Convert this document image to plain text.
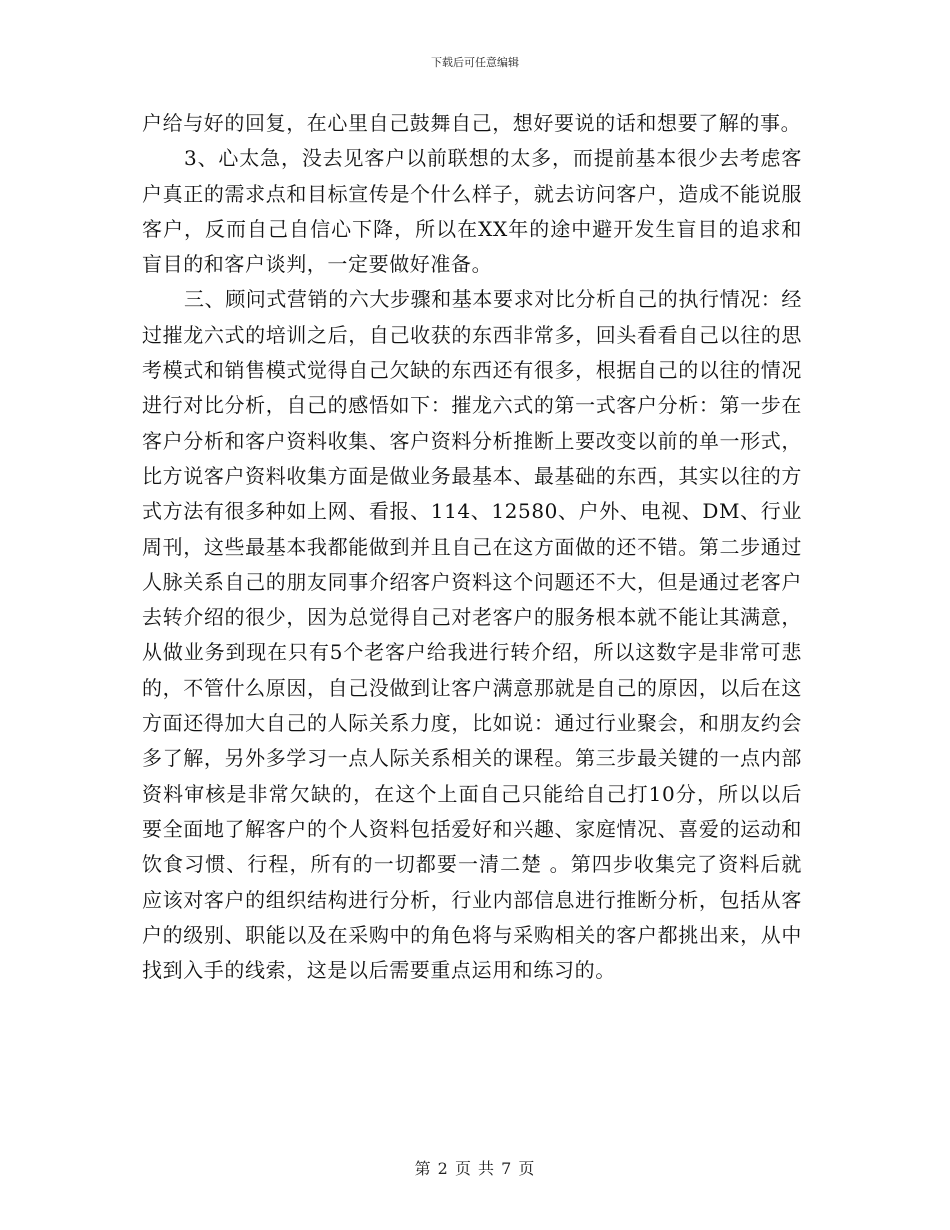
下载后可任意编辑

户给与好的回复，在心里自己鼓舞自己，想好要说的话和想要了解的事。

3、心太急，没去见客户以前联想的太多，而提前基本很少去考虑客户真正的需求点和目标宣传是个什么样子，就去访问客户，造成不能说服客户，反而自己自信心下降，所以在XX年的途中避开发生盲目的追求和盲目的和客户谈判，一定要做好准备。

三、顾问式营销的六大步骤和基本要求对比分析自己的执行情况：经过摧龙六式的培训之后，自己收获的东西非常多，回头看看自己以往的思考模式和销售模式觉得自己欠缺的东西还有很多，根据自己的以往的情况进行对比分析，自己的感悟如下：摧龙六式的第一式客户分析：第一步在客户分析和客户资料收集、客户资料分析推断上要改变以前的单一形式，比方说客户资料收集方面是做业务最基本、最基础的东西，其实以往的方式方法有很多种如上网、看报、114、12580、户外、电视、DM、行业周刊，这些最基本我都能做到并且自己在这方面做的还不错。第二步通过人脉关系自己的朋友同事介绍客户资料这个问题还不大，但是通过老客户去转介绍的很少，因为总觉得自己对老客户的服务根本就不能让其满意，从做业务到现在只有5个老客户给我进行转介绍，所以这数字是非常可悲的，不管什么原因，自己没做到让客户满意那就是自己的原因，以后在这方面还得加大自己的人际关系力度，比如说：通过行业聚会，和朋友约会多了解，另外多学习一点人际关系相关的课程。第三步最关键的一点内部资料审核是非常欠缺的，在这个上面自己只能给自己打10分，所以以后要全面地了解客户的个人资料包括爱好和兴趣、家庭情况、喜爱的运动和饮食习惯、行程，所有的一切都要一清二楚 。第四步收集完了资料后就应该对客户的组织结构进行分析，行业内部信息进行推断分析，包括从客户的级别、职能以及在采购中的角色将与采购相关的客户都挑出来，从中找到入手的线索，这是以后需要重点运用和练习的。

第 2 页 共 7 页
